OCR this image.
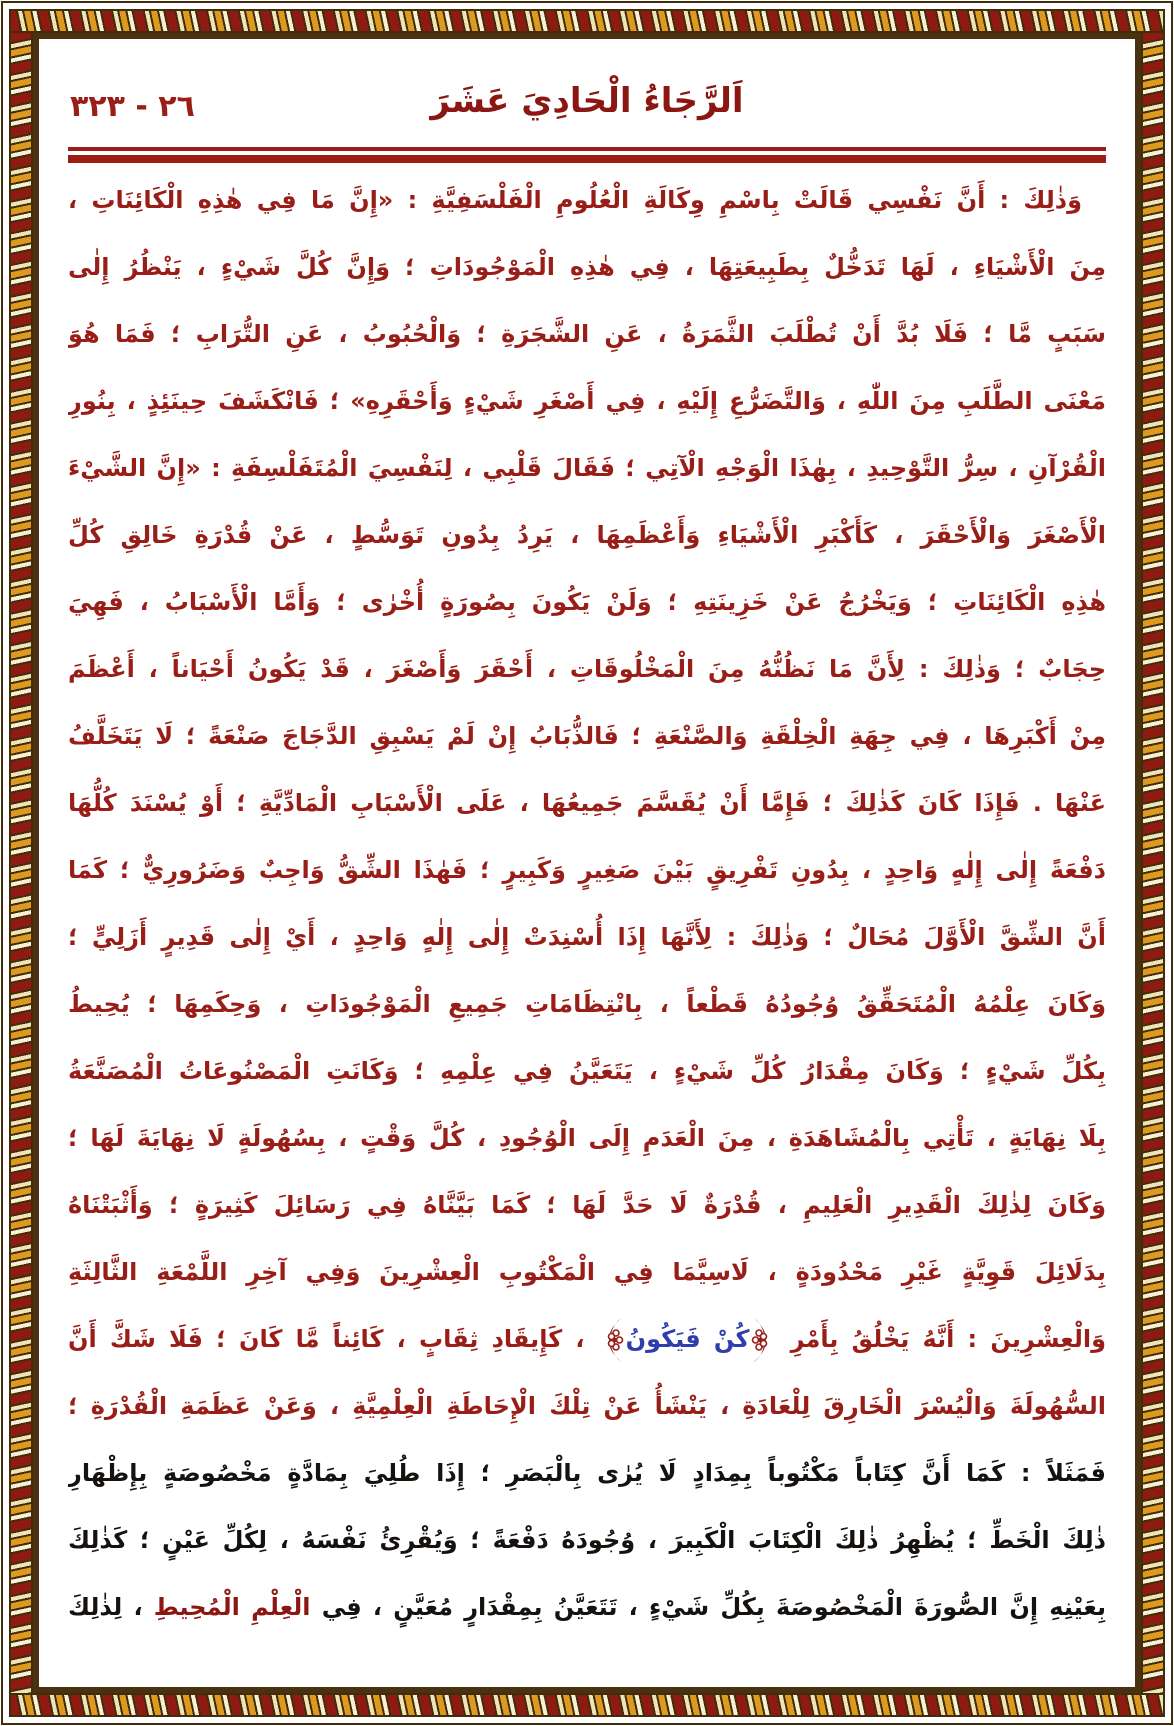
٢٦ - ٣٢٣	اَلرَّجَاءُ الْحَادِيَ عَشَرَ
وَذٰلِكَ : أَنَّ نَفْسِي قَالَتْ بِاسْمِ وِكَالَةِ الْعُلُومِ الْفَلْسَفِيَّةِ : «إِنَّ مَا فِي هٰذِهِ الْكَائِنَاتِ ،
مِنَ الْأَشْيَاءِ ، لَهَا تَدَخُّلٌ بِطَبِيعَتِهَا ، فِي هٰذِهِ الْمَوْجُودَاتِ ؛ وَإِنَّ كُلَّ شَيْءٍ ، يَنْظُرُ إِلٰى
سَبَبٍ مَّا ؛ فَلَا بُدَّ أَنْ تُطْلَبَ الثَّمَرَةُ ، عَنِ الشَّجَرَةِ ؛ وَالْحُبُوبُ ، عَنِ التُّرَابِ ؛ فَمَا هُوَ
مَعْنَى الطَّلَبِ مِنَ اللّٰهِ ، وَالتَّضَرُّعِ إِلَيْهِ ، فِي أَصْغَرِ شَيْءٍ وَأَحْقَرِهِ» ؛ فَانْكَشَفَ حِينَئِذٍ ، بِنُورِ
الْقُرْآنِ ، سِرُّ التَّوْحِيدِ ، بِهٰذَا الْوَجْهِ الْآتِي ؛ فَقَالَ قَلْبِي ، لِنَفْسِيَ الْمُتَفَلْسِفَةِ : «إِنَّ الشَّيْءَ
الْأَصْغَرَ وَالْأَحْقَرَ ، كَأَكْبَرِ الْأَشْيَاءِ وَأَعْظَمِهَا ، يَرِدُ بِدُونِ تَوَسُّطٍ ، عَنْ قُدْرَةِ خَالِقِ كُلِّ
هٰذِهِ الْكَائِنَاتِ ؛ وَيَخْرُجُ عَنْ خَزِينَتِهِ ؛ وَلَنْ يَكُونَ بِصُورَةٍ أُخْرٰى ؛ وَأَمَّا الْأَسْبَابُ ، فَهِيَ
حِجَابٌ ؛ وَذٰلِكَ : لِأَنَّ مَا نَظُنُّهُ مِنَ الْمَخْلُوقَاتِ ، أَحْقَرَ وَأَصْغَرَ ، قَدْ يَكُونُ أَحْيَاناً ، أَعْظَمَ
مِنْ أَكْبَرِهَا ، فِي جِهَةِ الْخِلْقَةِ وَالصَّنْعَةِ ؛ فَالذُّبَابُ إِنْ لَمْ يَسْبِقِ الدَّجَاجَ صَنْعَةً ؛ لَا يَتَخَلَّفُ
عَنْهَا . فَإِذَا كَانَ كَذٰلِكَ ؛ فَإِمَّا أَنْ يُقَسَّمَ جَمِيعُهَا ، عَلَى الْأَسْبَابِ الْمَادِّيَّةِ ؛ أَوْ يُسْنَدَ كُلُّهَا
دَفْعَةً إِلٰى إِلٰهٍ وَاحِدٍ ، بِدُونِ تَفْرِيقٍ بَيْنَ صَغِيرٍ وَكَبِيرٍ ؛ فَهٰذَا الشِّقُّ وَاجِبٌ وَضَرُورِيٌّ ؛ كَمَا
أَنَّ الشِّقَّ الْأَوَّلَ مُحَالٌ ؛ وَذٰلِكَ : لِأَنَّهَا إِذَا أُسْنِدَتْ إِلٰى إِلٰهٍ وَاحِدٍ ، أَيْ إِلٰى قَدِيرٍ أَزَلِيٍّ ؛
وَكَانَ عِلْمُهُ الْمُتَحَقِّقُ وُجُودُهُ قَطْعاً ، بِانْتِظَامَاتِ جَمِيعِ الْمَوْجُودَاتِ ، وَحِكَمِهَا ؛ يُحِيطُ
بِكُلِّ شَيْءٍ ؛ وَكَانَ مِقْدَارُ كُلِّ شَيْءٍ ، يَتَعَيَّنُ فِي عِلْمِهِ ؛ وَكَانَتِ الْمَصْنُوعَاتُ الْمُصَنَّعَةُ
بِلَا نِهَايَةٍ ، تَأْتِي بِالْمُشَاهَدَةِ ، مِنَ الْعَدَمِ إِلَى الْوُجُودِ ، كُلَّ وَقْتٍ ، بِسُهُولَةٍ لَا نِهَايَةَ لَهَا ؛
وَكَانَ لِذٰلِكَ الْقَدِيرِ الْعَلِيمِ ، قُدْرَةٌ لَا حَدَّ لَهَا ؛ كَمَا بَيَّنَّاهُ فِي رَسَائِلَ كَثِيرَةٍ ؛ وَأَثْبَتْنَاهُ
بِدَلَائِلَ قَوِيَّةٍ غَيْرِ مَحْدُودَةٍ ، لَاسِيَّمَا فِي الْمَكْتُوبِ الْعِشْرِينَ وَفِي آخِرِ اللَّمْعَةِ الثَّالِثَةِ
وَالْعِشْرِينَ : أَنَّهُ يَخْلُقُ بِأَمْرِ كُنْ فَيَكُونُ ، كَإِيقَادِ ثِقَابٍ ، كَائِناً مَّا كَانَ ؛ فَلَا شَكَّ أَنَّ
السُّهُولَةَ وَالْيُسْرَ الْخَارِقَ لِلْعَادَةِ ، يَنْشَأُ عَنْ تِلْكَ الْإِحَاطَةِ الْعِلْمِيَّةِ ، وَعَنْ عَظَمَةِ الْقُدْرَةِ ؛
فَمَثَلاً : كَمَا أَنَّ كِتَاباً مَكْتُوباً بِمِدَادٍ لَا يُرٰى بِالْبَصَرِ ؛ إِذَا طُلِيَ بِمَادَّةٍ مَخْصُوصَةٍ بِإِظْهَارِ
ذٰلِكَ الْخَطِّ ؛ يُظْهِرُ ذٰلِكَ الْكِتَابَ الْكَبِيرَ ، وُجُودَهُ دَفْعَةً ؛ وَيُقْرِئُ نَفْسَهُ ، لِكُلِّ عَيْنٍ ؛ كَذٰلِكَ
بِعَيْنِهِ إِنَّ الصُّورَةَ الْمَخْصُوصَةَ بِكُلِّ شَيْءٍ ، تَتَعَيَّنُ بِمِقْدَارٍ مُعَيَّنٍ ، فِي الْعِلْمِ الْمُحِيطِ ، لِذٰلِكَ
